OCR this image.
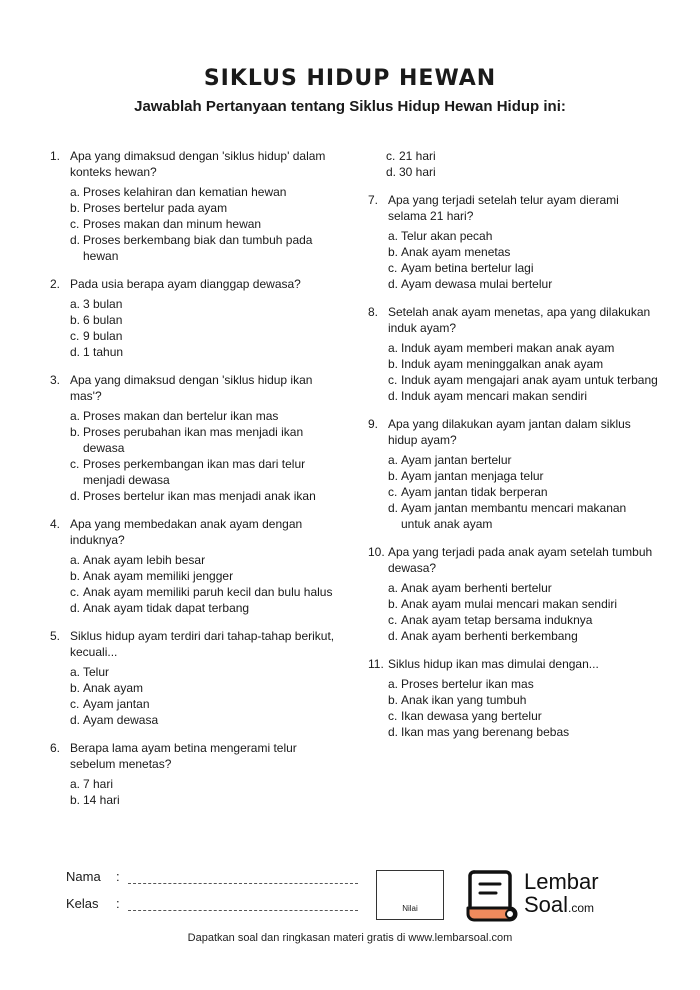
SIKLUS HIDUP HEWAN
Jawablah Pertanyaan tentang Siklus Hidup Hewan Hidup ini:
1. Apa yang dimaksud dengan 'siklus hidup' dalam konteks hewan?
a. Proses kelahiran dan kematian hewan
b. Proses bertelur pada ayam
c. Proses makan dan minum hewan
d. Proses berkembang biak dan tumbuh pada hewan
2. Pada usia berapa ayam dianggap dewasa?
a. 3 bulan
b. 6 bulan
c. 9 bulan
d. 1 tahun
3. Apa yang dimaksud dengan 'siklus hidup ikan mas'?
a. Proses makan dan bertelur ikan mas
b. Proses perubahan ikan mas menjadi ikan dewasa
c. Proses perkembangan ikan mas dari telur menjadi dewasa
d. Proses bertelur ikan mas menjadi anak ikan
4. Apa yang membedakan anak ayam dengan induknya?
a. Anak ayam lebih besar
b. Anak ayam memiliki jengger
c. Anak ayam memiliki paruh kecil dan bulu halus
d. Anak ayam tidak dapat terbang
5. Siklus hidup ayam terdiri dari tahap-tahap berikut, kecuali...
a. Telur
b. Anak ayam
c. Ayam jantan
d. Ayam dewasa
6. Berapa lama ayam betina mengerami telur sebelum menetas?
a. 7 hari
b. 14 hari
c. 21 hari
d. 30 hari
7. Apa yang terjadi setelah telur ayam dierami selama 21 hari?
a. Telur akan pecah
b. Anak ayam menetas
c. Ayam betina bertelur lagi
d. Ayam dewasa mulai bertelur
8. Setelah anak ayam menetas, apa yang dilakukan induk ayam?
a. Induk ayam memberi makan anak ayam
b. Induk ayam meninggalkan anak ayam
c. Induk ayam mengajari anak ayam untuk terbang
d. Induk ayam mencari makan sendiri
9. Apa yang dilakukan ayam jantan dalam siklus hidup ayam?
a. Ayam jantan bertelur
b. Ayam jantan menjaga telur
c. Ayam jantan tidak berperan
d. Ayam jantan membantu mencari makanan untuk anak ayam
10. Apa yang terjadi pada anak ayam setelah tumbuh dewasa?
a. Anak ayam berhenti bertelur
b. Anak ayam mulai mencari makan sendiri
c. Anak ayam tetap bersama induknya
d. Anak ayam berhenti berkembang
11. Siklus hidup ikan mas dimulai dengan...
a. Proses bertelur ikan mas
b. Anak ikan yang tumbuh
c. Ikan dewasa yang bertelur
d. Ikan mas yang berenang bebas
Nama	:
Kelas	:	Nilai
Lembar
Soal.com
Dapatkan soal dan ringkasan materi gratis di www.lembarsoal.com
